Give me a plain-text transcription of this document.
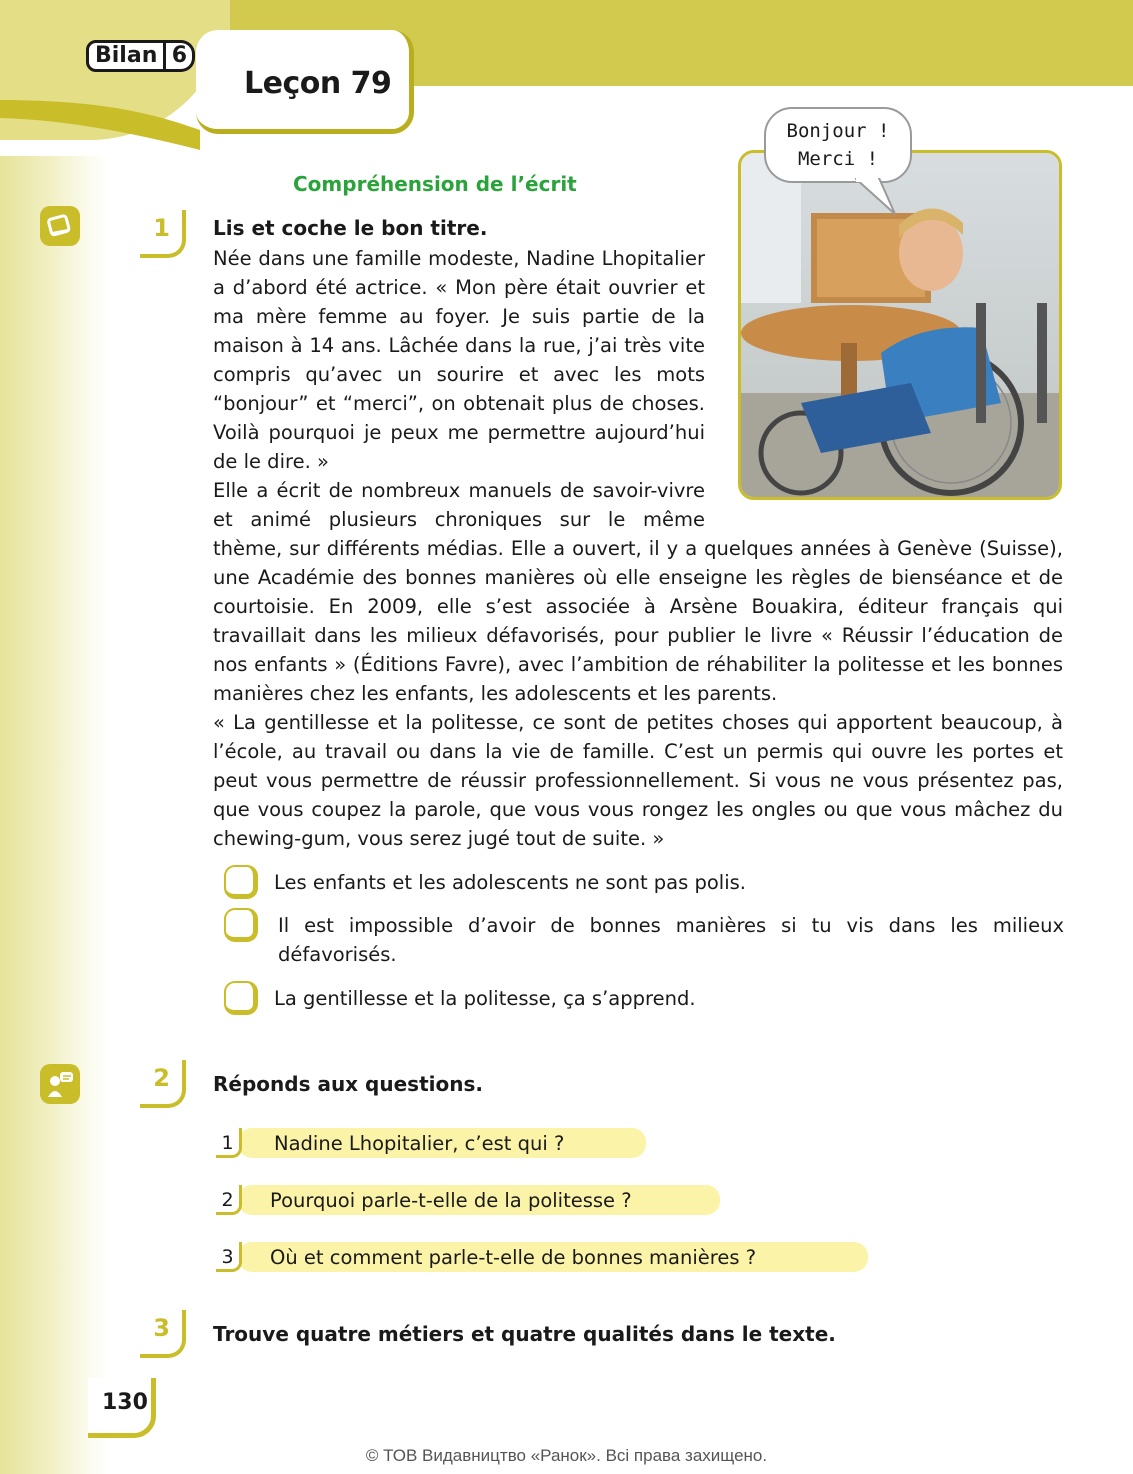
Bilan 6
Leçon 79
Compréhension de l’écrit
Bonjour !
Merci !
1 Lis et coche le bon titre.

Née dans une famille modeste, Nadine Lhopitalier a d’abord été actrice. « Mon père était ouvrier et ma mère femme au foyer. Je suis partie de la maison à 14 ans. Lâchée dans la rue, j’ai très vite compris qu’avec un sourire et avec les mots “bonjour” et “merci”, on obtenait plus de choses. Voilà pourquoi je peux me permettre aujourd’hui de le dire. »

Elle a écrit de nombreux manuels de savoir-vivre et animé plusieurs chroniques sur le même

thème, sur différents médias. Elle a ouvert, il y a quelques années à Genève (Suisse), une Académie des bonnes manières où elle enseigne les règles de bienséance et de courtoisie. En 2009, elle s’est associée à Arsène Bouakira, éditeur français qui travaillait dans les milieux défavorisés, pour publier le livre « Réussir l’éducation de nos enfants » (Éditions Favre), avec l’ambition de réhabiliter la politesse et les bonnes manières chez les enfants, les adolescents et les parents.

« La gentillesse et la politesse, ce sont de petites choses qui apportent beaucoup, à l’école, au travail ou dans la vie de famille. C’est un permis qui ouvre les portes et peut vous permettre de réussir professionnellement. Si vous ne vous présentez pas, que vous coupez la parole, que vous vous rongez les ongles ou que vous mâchez du chewing-gum, vous serez jugé tout de suite. »

Les enfants et les adolescents ne sont pas polis.
Il est impossible d’avoir de bonnes manières si tu vis dans les milieux défavorisés.
La gentillesse et la politesse, ça s’apprend.
2 Réponds aux questions.
1	Nadine Lhopitalier, c’est qui ?
2	Pourquoi parle-t-elle de la politesse ?
3	Où et comment parle-t-elle de bonnes manières ?
3 Trouve quatre métiers et quatre qualités dans le texte.
130
© ТОВ Видавництво «Ранок». Всі права захищено.
